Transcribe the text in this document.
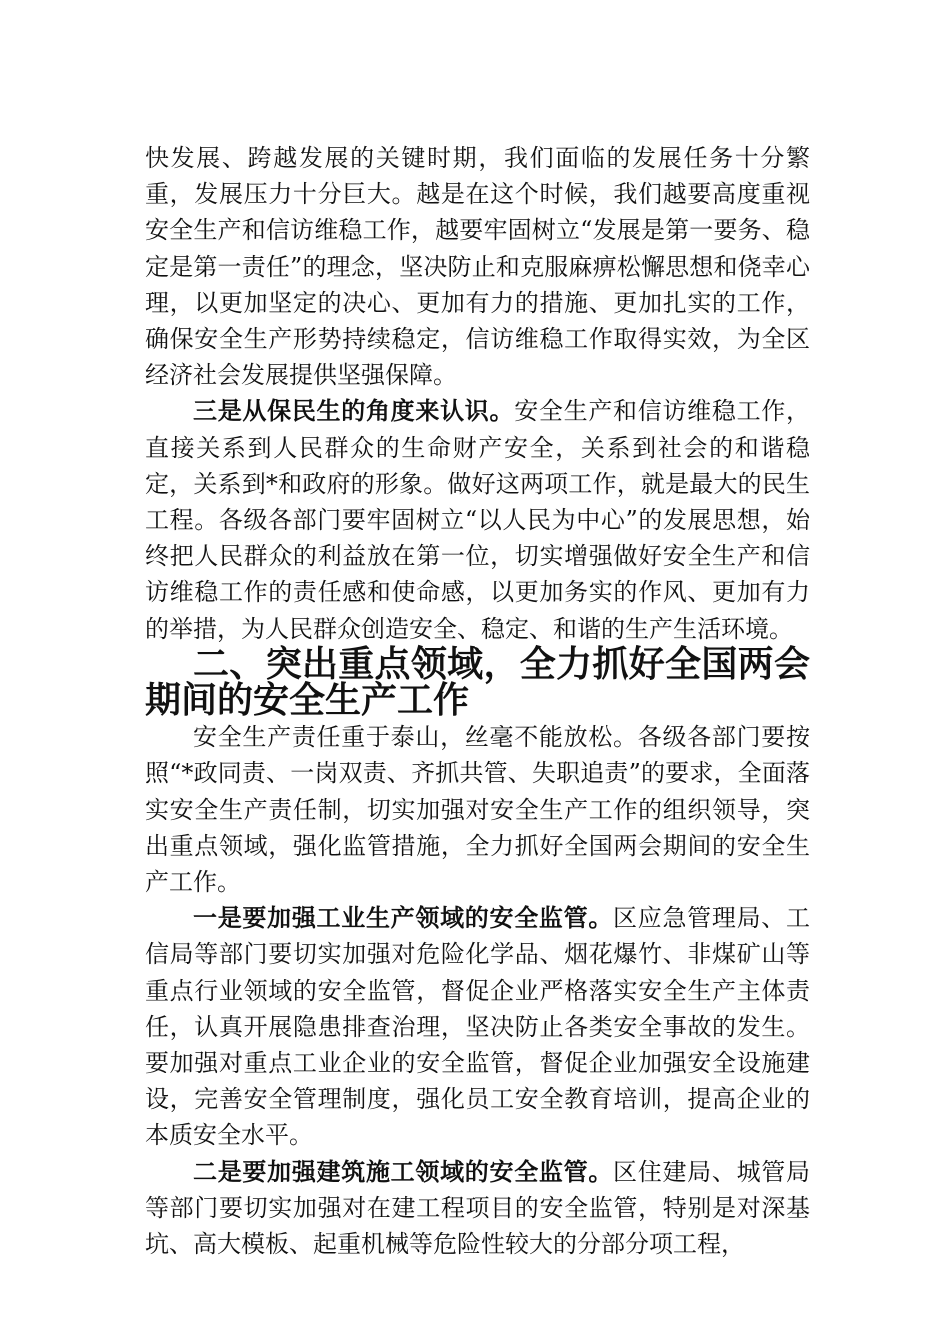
快发展、跨越发展的关键时期，我们面临的发展任务十分繁重，发展压力十分巨大。越是在这个时候，我们越要高度重视安全生产和信访维稳工作，越要牢固树立“发展是第一要务、稳定是第一责任”的理念，坚决防止和克服麻痹松懈思想和侥幸心理，以更加坚定的决心、更加有力的措施、更加扎实的工作，确保安全生产形势持续稳定，信访维稳工作取得实效，为全区经济社会发展提供坚强保障。

三是从保民生的角度来认识。安全生产和信访维稳工作，直接关系到人民群众的生命财产安全，关系到社会的和谐稳定，关系到*和政府的形象。做好这两项工作，就是最大的民生工程。各级各部门要牢固树立“以人民为中心”的发展思想，始终把人民群众的利益放在第一位，切实增强做好安全生产和信访维稳工作的责任感和使命感，以更加务实的作风、更加有力的举措，为人民群众创造安全、稳定、和谐的生产生活环境。

二、突出重点领域，全力抓好全国两会期间的安全生产工作

安全生产责任重于泰山，丝毫不能放松。各级各部门要按照“*政同责、一岗双责、齐抓共管、失职追责”的要求，全面落实安全生产责任制，切实加强对安全生产工作的组织领导，突出重点领域，强化监管措施，全力抓好全国两会期间的安全生产工作。

一是要加强工业生产领域的安全监管。区应急管理局、工信局等部门要切实加强对危险化学品、烟花爆竹、非煤矿山等重点行业领域的安全监管，督促企业严格落实安全生产主体责任，认真开展隐患排查治理，坚决防止各类安全事故的发生。要加强对重点工业企业的安全监管，督促企业加强安全设施建设，完善安全管理制度，强化员工安全教育培训，提高企业的本质安全水平。

二是要加强建筑施工领域的安全监管。区住建局、城管局等部门要切实加强对在建工程项目的安全监管，特别是对深基坑、高大模板、起重机械等危险性较大的分部分项工程，
